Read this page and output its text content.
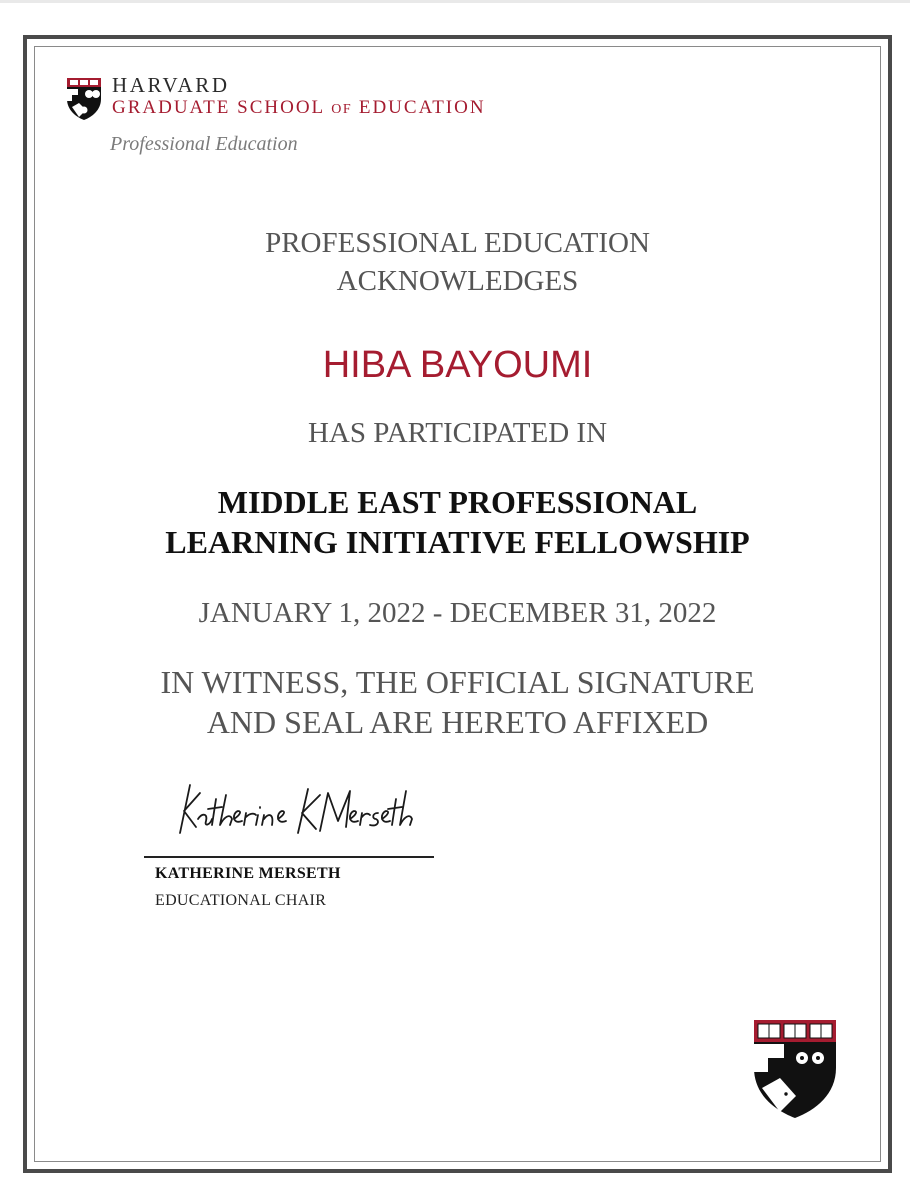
HARVARD
GRADUATE SCHOOL OF EDUCATION
Professional Education
PROFESSIONAL EDUCATION
ACKNOWLEDGES
HIBA BAYOUMI
HAS PARTICIPATED IN
MIDDLE EAST PROFESSIONAL
LEARNING INITIATIVE FELLOWSHIP
JANUARY 1, 2022 - DECEMBER 31, 2022
IN WITNESS, THE OFFICIAL SIGNATURE
AND SEAL ARE HERETO AFFIXED
KATHERINE MERSETH
EDUCATIONAL CHAIR
